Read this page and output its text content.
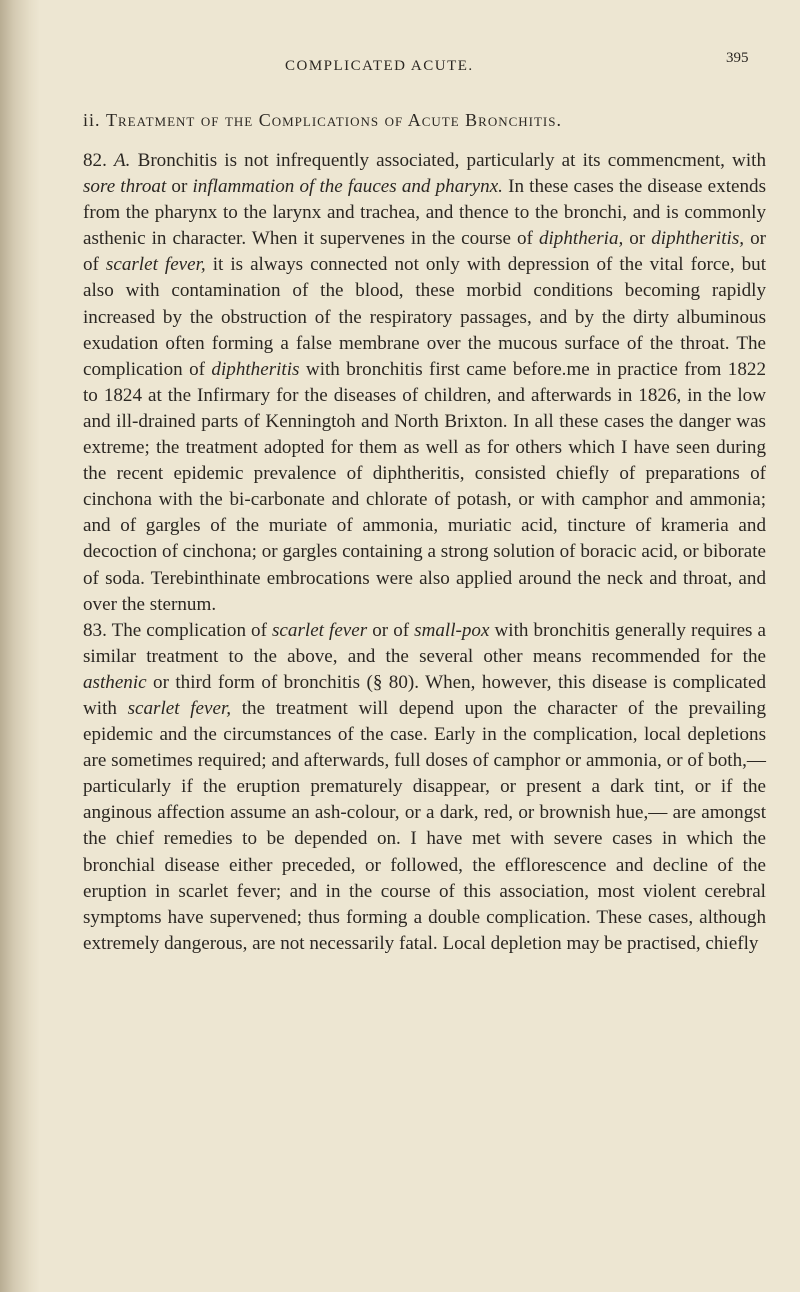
COMPLICATED ACUTE.	395
ii. Treatment of the Complications of Acute Bronchitis.

82. A. Bronchitis is not infrequently associated, particularly at its commencment, with sore throat or inflammation of the fauces and pharynx. In these cases the disease extends from the pharynx to the larynx and trachea, and thence to the bronchi, and is commonly asthenic in character. When it supervenes in the course of diphtheria, or diphtheritis, or of scarlet fever, it is always connected not only with depression of the vital force, but also with contamination of the blood, these morbid conditions becoming rapidly increased by the obstruction of the respiratory passages, and by the dirty albuminous exudation often forming a false membrane over the mucous surface of the throat. The complication of diphtheritis with bronchitis first came before.me in practice from 1822 to 1824 at the Infirmary for the diseases of children, and afterwards in 1826, in the low and ill-drained parts of Kenningtoh and North Brixton. In all these cases the danger was extreme; the treatment adopted for them as well as for others which I have seen during the recent epidemic prevalence of diphtheritis, consisted chiefly of preparations of cinchona with the bi-carbonate and chlorate of potash, or with camphor and ammonia; and of gargles of the muriate of ammonia, muriatic acid, tincture of krameria and decoction of cinchona; or gargles containing a strong solution of boracic acid, or biborate of soda. Terebinthinate embrocations were also applied around the neck and throat, and over the sternum.

83. The complication of scarlet fever or of small-pox with bronchitis generally requires a similar treatment to the above, and the several other means recommended for the asthenic or third form of bronchitis (§ 80). When, however, this disease is complicated with scarlet fever, the treatment will depend upon the character of the prevailing epidemic and the circumstances of the case. Early in the complication, local depletions are sometimes required; and afterwards, full doses of camphor or ammonia, or of both,—particularly if the eruption prematurely disappear, or present a dark tint, or if the anginous affection assume an ash-colour, or a dark, red, or brownish hue,— are amongst the chief remedies to be depended on. I have met with severe cases in which the bronchial disease either preceded, or followed, the efflorescence and decline of the eruption in scarlet fever; and in the course of this association, most violent cerebral symptoms have supervened; thus forming a double complication. These cases, although extremely dangerous, are not necessarily fatal. Local depletion may be practised, chiefly
